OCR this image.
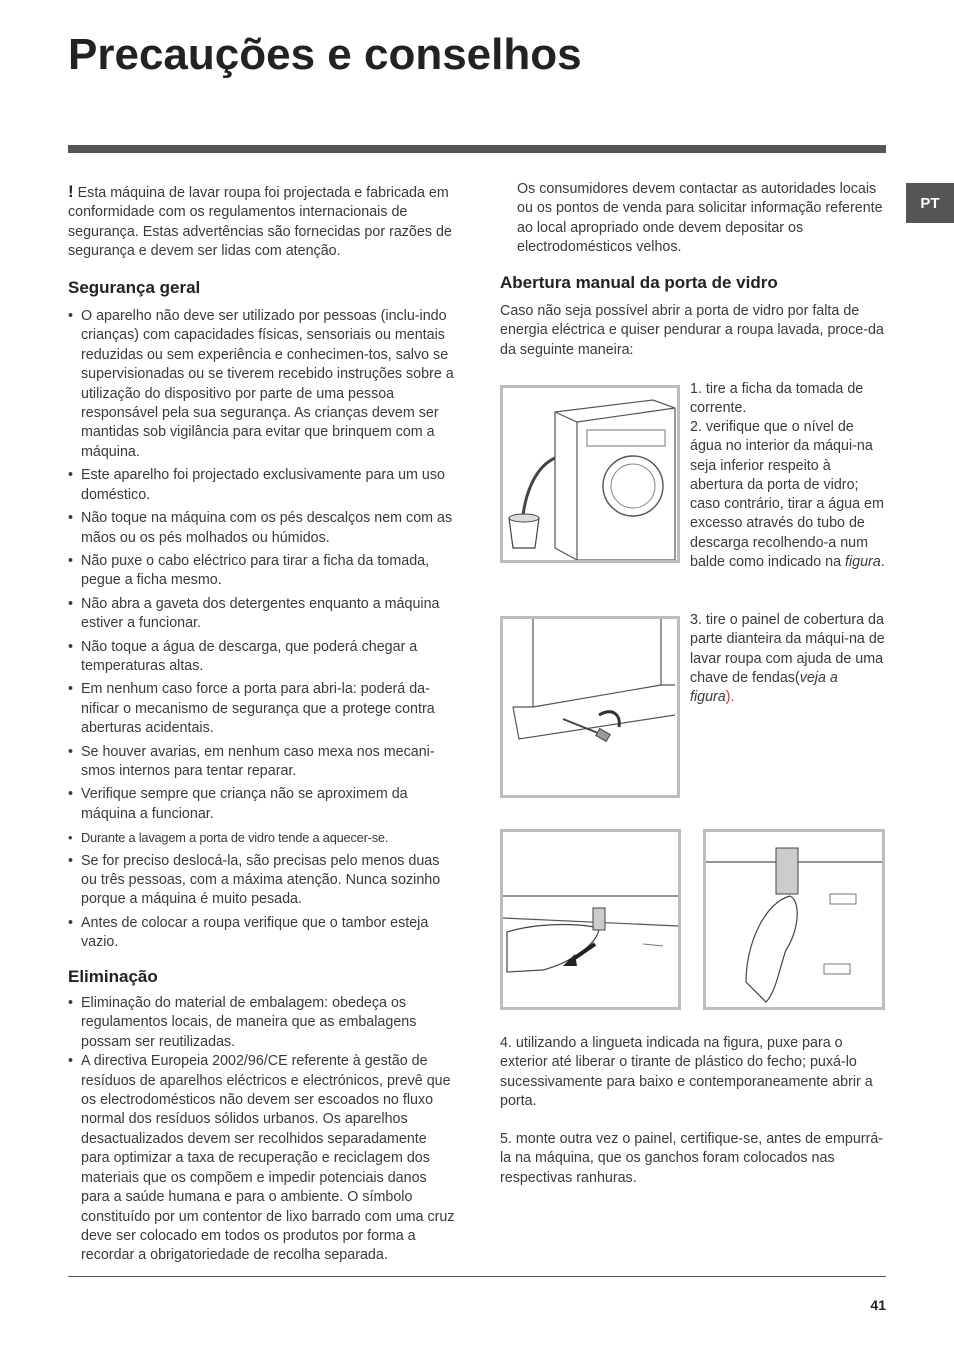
Precauções e conselhos
PT

! Esta máquina de lavar roupa foi projectada e fabricada em conformidade com os regulamentos internacionais de segurança. Estas advertências são fornecidas por razões de segurança e devem ser lidas com atenção.

Segurança geral
• O aparelho não deve ser utilizado por pessoas (inclu-indo crianças) com capacidades físicas, sensoriais ou mentais reduzidas ou sem experiência e conhecimen-tos, salvo se supervisionadas ou se tiverem recebido instruções sobre a utilização do dispositivo por parte de uma pessoa responsável pela sua segurança. As crianças devem ser mantidas sob vigilância para evitar que brinquem com a máquina.
• Este aparelho foi projectado exclusivamente para um uso doméstico.
• Não toque na máquina com os pés descalços nem com as mãos ou os pés molhados ou húmidos.
• Não puxe o cabo eléctrico para tirar a ficha da tomada, pegue a ficha mesmo.
• Não abra a gaveta dos detergentes enquanto a máquina estiver a funcionar.
• Não toque a água de descarga, que poderá chegar a temperaturas altas.
• Em nenhum caso force a porta para abri-la: poderá da-nificar o mecanismo de segurança que a protege contra aberturas acidentais.
• Se houver avarias, em nenhum caso mexa nos mecani-smos internos para tentar reparar.
• Verifique sempre que criança não se aproximem da máquina a funcionar.
• Durante a lavagem a porta de vidro tende a aquecer-se.
• Se for preciso deslocá-la, são precisas pelo menos duas ou três pessoas, com a máxima atenção. Nunca sozinho porque a máquina é muito pesada.
• Antes de colocar a roupa verifique que o tambor esteja vazio.
Eliminação
• Eliminação do material de embalagem: obedeça os regulamentos locais, de maneira que as embalagens possam ser reutilizadas.
• A directiva Europeia 2002/96/CE referente à gestão de resíduos de aparelhos eléctricos e electrónicos, prevê que os electrodomésticos não devem ser escoados no fluxo normal dos resíduos sólidos urbanos. Os aparelhos desactualizados devem ser recolhidos separadamente para optimizar a taxa de recuperação e reciclagem dos materiais que os compõem e impedir potenciais danos para a saúde humana e para o ambiente. O símbolo constituído por um contentor de lixo barrado com uma cruz deve ser colocado em todos os produtos por forma a recordar a obrigatoriedade de recolha separada.

Os consumidores devem contactar as autoridades locais ou os pontos de venda para solicitar informação referente ao local apropriado onde devem depositar os electrodomésticos velhos.

Abertura manual da porta de vidro

Caso não seja possível abrir a porta de vidro por falta de energia eléctrica e quiser pendurar a roupa lavada, proce-da da seguinte maneira:

1. tire a ficha da tomada de corrente.

2. verifique que o nível de água no interior da máqui-na seja inferior respeito à abertura da porta de vidro; caso contrário, tirar a água em excesso através do tubo de descarga recolhendo-a num balde como indicado na figura.

3. tire o painel de cobertura da parte dianteira da máqui-na de lavar roupa com ajuda de uma chave de fendas(veja a figura).

4. utilizando a lingueta indicada na figura, puxe para o exterior até liberar o tirante de plástico do fecho; puxá-lo sucessivamente para baixo e contemporaneamente abrir a porta.

5. monte outra vez o painel, certifique-se, antes de empurrá-la na máquina, que os ganchos foram colocados nas respectivas ranhuras.

41
